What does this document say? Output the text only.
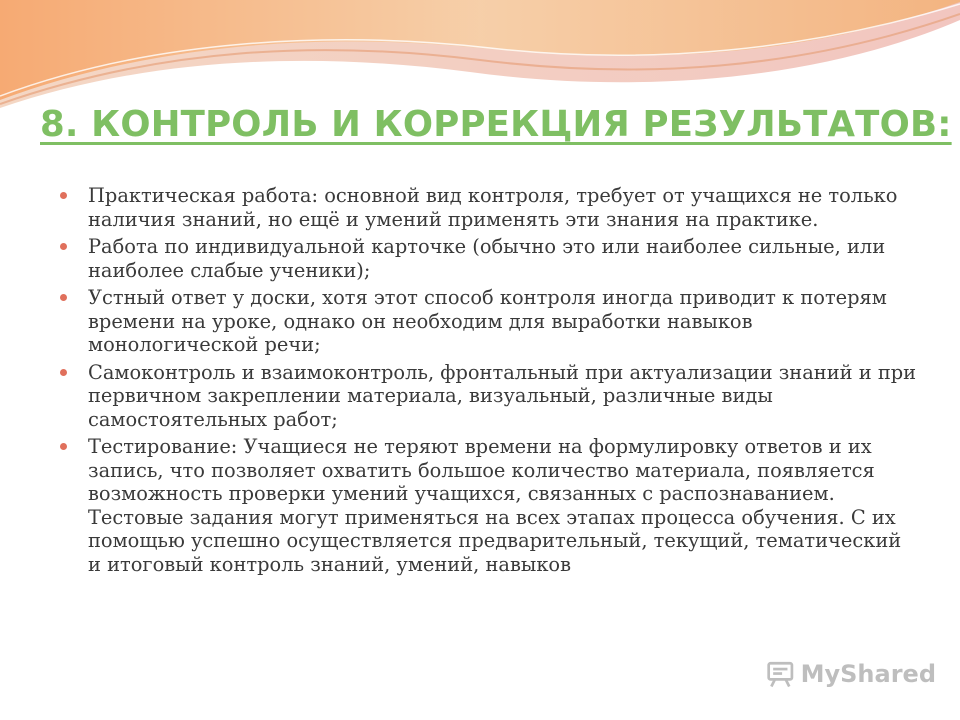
8. КОНТРОЛЬ И КОРРЕКЦИЯ РЕЗУЛЬТАТОВ:
Практическая работа: основной вид контроля, требует от учащихся не только наличия знаний, но ещё и умений применять эти знания на практике.
Работа по индивидуальной карточке (обычно это или наиболее сильные, или наиболее слабые ученики);
Устный ответ у доски, хотя этот способ контроля иногда приводит к потерям времени на уроке, однако он необходим для выработки навыков монологической речи;
Самоконтроль и взаимоконтроль, фронтальный при актуализации знаний и при первичном закреплении материала, визуальный, различные виды самостоятельных работ;
Тестирование: Учащиеся не теряют времени на формулировку ответов и их запись, что позволяет охватить большое количество материала, появляется возможность проверки умений учащихся, связанных с распознаванием. Тестовые задания могут применяться на всех этапах процесса обучения. С их помощью успешно осуществляется предварительный, текущий, тематический и итоговый контроль знаний, умений, навыков
MyShared
